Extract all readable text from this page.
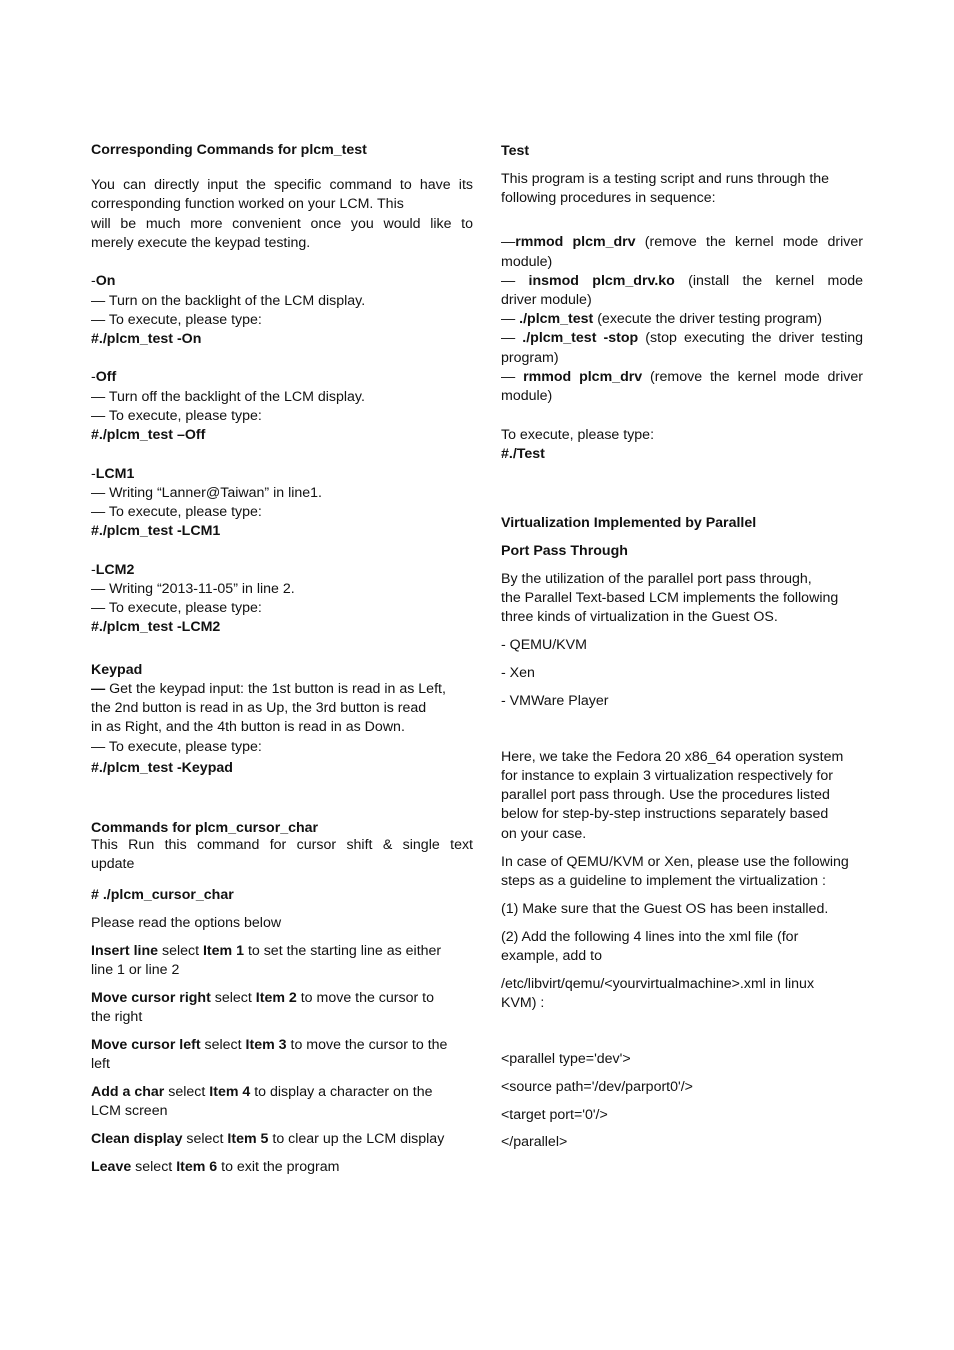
Corresponding Commands for plcm_test

You can directly input the specific command to have its

corresponding function worked on your LCM. This

will be much more convenient once you would like to

merely execute the keypad testing.

-On

— Turn on the backlight of the LCM display.

— To execute, please type:

#./plcm_test -On

-Off

— Turn off the backlight of the LCM display.

— To execute, please type:

#./plcm_test –Off

-LCM1

— Writing “Lanner@Taiwan” in line1.

— To execute, please type:

#./plcm_test -LCM1

-LCM2

— Writing “2013-11-05” in line 2.

— To execute, please type:

#./plcm_test -LCM2

Keypad

— Get the keypad input: the 1st button is read in as Left,

the 2nd button is read in as Up, the 3rd button is read

in as Right, and the 4th button is read in as Down.

— To execute, please type:

#./plcm_test -Keypad

Commands for plcm_cursor_char

This Run this command for cursor shift & single text

update

# ./plcm_cursor_char

Please read the options below

Insert line select Item 1 to set the starting line as either

line 1 or line 2

Move cursor right select Item 2 to move the cursor to

the right

Move cursor left select Item 3 to move the cursor to the

left

Add a char select Item 4 to display a character on the

LCM screen

Clean display select Item 5 to clear up the LCM display

Leave select Item 6 to exit the program

Test

This program is a testing script and runs through the

following procedures in sequence:

—rmmod plcm_drv (remove the kernel mode driver

module)

— insmod plcm_drv.ko (install the kernel mode

driver module)

— ./plcm_test (execute the driver testing program)

— ./plcm_test -stop (stop executing the driver testing

program)

— rmmod plcm_drv (remove the kernel mode driver

module)

To execute, please type:

#./Test

Virtualization Implemented by Parallel

Port Pass Through

By the utilization of the parallel port pass through,

the Parallel Text-based LCM implements the following

three kinds of virtualization in the Guest OS.

- QEMU/KVM

- Xen

- VMWare Player

Here, we take the Fedora 20 x86_64 operation system

for instance to explain 3 virtualization respectively for

parallel port pass through. Use the procedures listed

below for step-by-step instructions separately based

on your case.

In case of QEMU/KVM or Xen, please use the following

steps as a guideline to implement the virtualization :

(1) Make sure that the Guest OS has been installed.

(2) Add the following 4 lines into the xml file (for

example, add to

/etc/libvirt/qemu/<yourvirtualmachine>.xml in linux

KVM) :

<parallel type='dev'>

<source path='/dev/parport0'/>

<target port='0'/>

</parallel>
